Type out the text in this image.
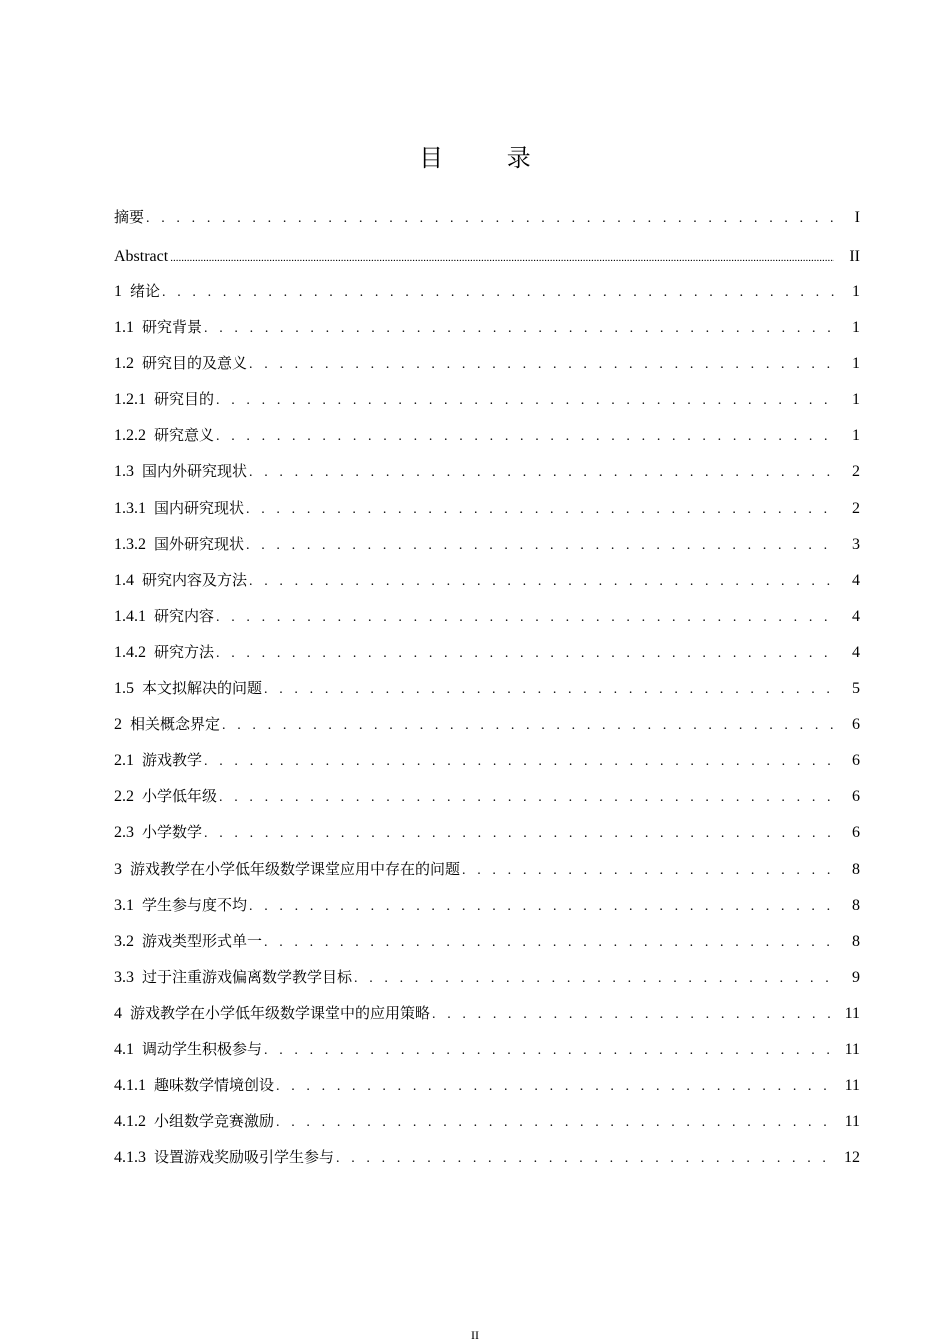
目 录
摘要 . . .	I
Abstract .....	II
1 绪论 . . .	1
1.1 研究背景 . . .	1
1.2 研究目的及意义 . . .	1
1.2.1 研究目的 . . .	1
1.2.2 研究意义 . . .	1
1.3 国内外研究现状 . . .	2
1.3.1 国内研究现状 . . .	2
1.3.2 国外研究现状 . . .	3
1.4 研究内容及方法 . . .	4
1.4.1 研究内容 . . .	4
1.4.2 研究方法 . . .	4
1.5 本文拟解决的问题 . . .	5
2 相关概念界定 . . .	6
2.1 游戏教学 . . .	6
2.2 小学低年级 . . .	6
2.3 小学数学 . . .	6
3 游戏教学在小学低年级数学课堂应用中存在的问题 . . .	8
3.1 学生参与度不均 . . .	8
3.2 游戏类型形式单一 . . .	8
3.3 过于注重游戏偏离数学教学目标 . . .	9
4 游戏教学在小学低年级数学课堂中的应用策略 . . .	11
4.1 调动学生积极参与 . . .	11
4.1.1 趣味数学情境创设 . . .	11
4.1.2 小组数学竞赛激励 . . .	11
4.1.3 设置游戏奖励吸引学生参与 . . .	12
II
